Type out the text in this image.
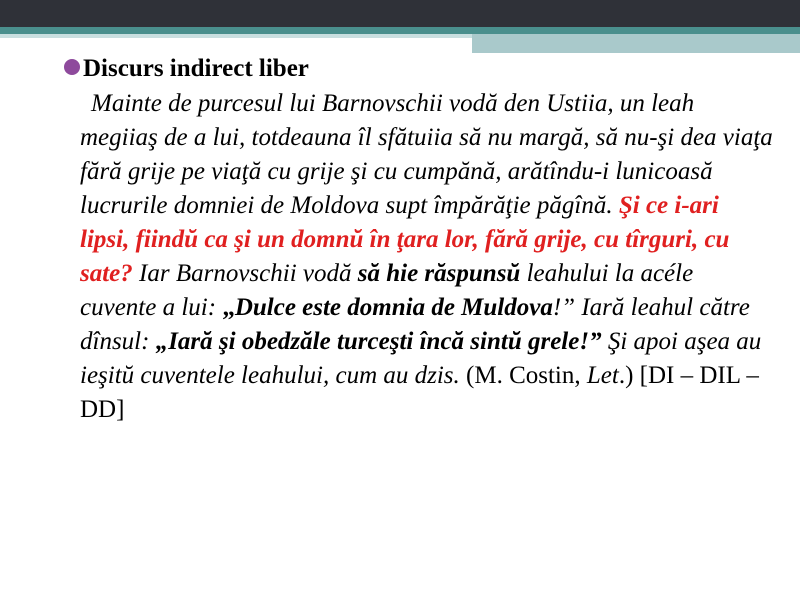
Discurs indirect liber
Mainte de purcesul lui Barnovschii vodă den Ustiia, un leah megiiaş de a lui, totdeauna îl sfătuiia să nu margă, să nu-şi dea viaţa fără grije pe viaţă cu grije şi cu cumpănă, arătîndu-i lunicoasă lucrurile domniei de Moldova supt împărăţie păgînă. Şi ce i-ari lipsi, fiindŭ ca şi un domnŭ în ţara lor, fără grije, cu tîrguri, cu sate? Iar Barnovschii vodă să hie răspunsŭ leahului la acéle cuvente a lui: „Dulce este domnia de Muldova!” Iară leahul către dînsul: „Iară şi obedzăle turceşti încă sintŭ grele!” Şi apoi aşea au ieşitŭ cuventele leahului, cum au dzis. (M. Costin, Let.) [DI – DIL – DD]
